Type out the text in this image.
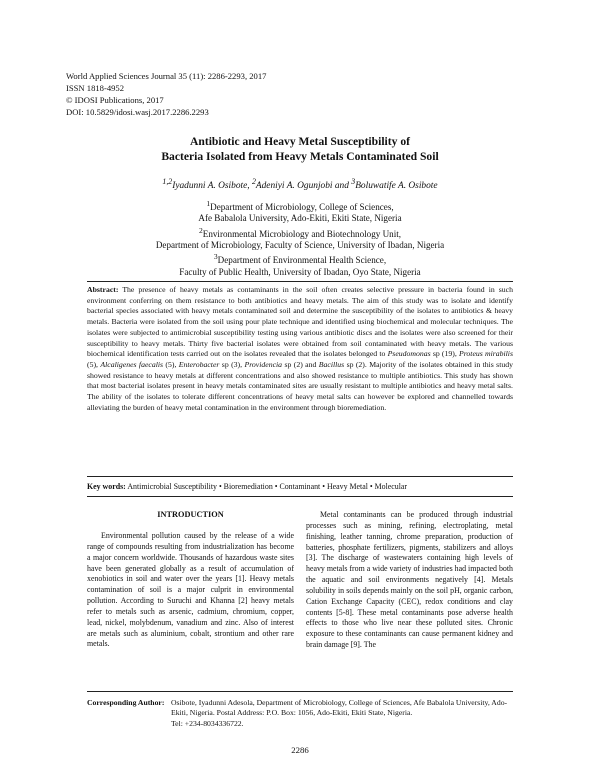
World Applied Sciences Journal 35 (11): 2286-2293, 2017
ISSN 1818-4952
© IDOSI Publications, 2017
DOI: 10.5829/idosi.wasj.2017.2286.2293
Antibiotic and Heavy Metal Susceptibility of
Bacteria Isolated from Heavy Metals Contaminated Soil
$^{1,2}$Iyadunni A. Osibote, $^2$Adeniyi A. Ogunjobi and $^3$Boluwatife A. Osibote
$^1$Department of Microbiology, College of Sciences,
Afe Babalola University, Ado-Ekiti, Ekiti State, Nigeria
$^2$Environmental Microbiology and Biotechnology Unit,
Department of Microbiology, Faculty of Science, University of Ibadan, Nigeria
$^3$Department of Environmental Health Science,
Faculty of Public Health, University of Ibadan, Oyo State, Nigeria
Abstract: The presence of heavy metals as contaminants in the soil often creates selective pressure in bacteria found in such environment conferring on them resistance to both antibiotics and heavy metals. The aim of this study was to isolate and identify bacterial species associated with heavy metals contaminated soil and determine the susceptibility of the isolates to antibiotics & heavy metals. Bacteria were isolated from the soil using pour plate technique and identified using biochemical and molecular techniques. The isolates were subjected to antimicrobial susceptibility testing using various antibiotic discs and the isolates were also screened for their susceptibility to heavy metals. Thirty five bacterial isolates were obtained from soil contaminated with heavy metals. The various biochemical identification tests carried out on the isolates revealed that the isolates belonged to Pseudomonas sp (19), Proteus mirabilis (5), Alcaligenes faecalis (5), Enterobacter sp (3), Providencia sp (2) and Bacillus sp (2). Majority of the isolates obtained in this study showed resistance to heavy metals at different concentrations and also showed resistance to multiple antibiotics. This study has shown that most bacterial isolates present in heavy metals contaminated sites are usually resistant to multiple antibiotics and heavy metal salts. The ability of the isolates to tolerate different concentrations of heavy metal salts can however be explored and channelled towards alleviating the burden of heavy metal contamination in the environment through bioremediation.
Key words: Antimicrobial Susceptibility • Bioremediation • Contaminant • Heavy Metal • Molecular
INTRODUCTION

Environmental pollution caused by the release of a wide range of compounds resulting from industrialization has become a major concern worldwide. Thousands of hazardous waste sites have been generated globally as a result of accumulation of xenobiotics in soil and water over the years [1]. Heavy metals contamination of soil is a major culprit in environmental pollution. According to Suruchi and Khanna [2] heavy metals refer to metals such as arsenic, cadmium, chromium, copper, lead, nickel, molybdenum, vanadium and zinc. Also of interest are metals such as aluminium, cobalt, strontium and other rare metals.

Metal contaminants can be produced through industrial processes such as mining, refining, electroplating, metal finishing, leather tanning, chrome preparation, production of batteries, phosphate fertilizers, pigments, stabilizers and alloys [3]. The discharge of wastewaters containing high levels of heavy metals from a wide variety of industries had impacted both the aquatic and soil environments negatively [4]. Metals solubility in soils depends mainly on the soil pH, organic carbon, Cation Exchange Capacity (CEC), redox conditions and clay contents [5-8]. These metal contaminants pose adverse health effects to those who live near these polluted sites. Chronic exposure to these contaminants can cause permanent kidney and brain damage [9]. The

Corresponding Author: Osibote, Iyadunni Adesola, Department of Microbiology, College of Sciences, Afe Babalola University, Ado-Ekiti, Nigeria. Postal Address: P.O. Box: 1056, Ado-Ekiti, Ekiti State, Nigeria.
Tel: +234-8034336722.
2286
